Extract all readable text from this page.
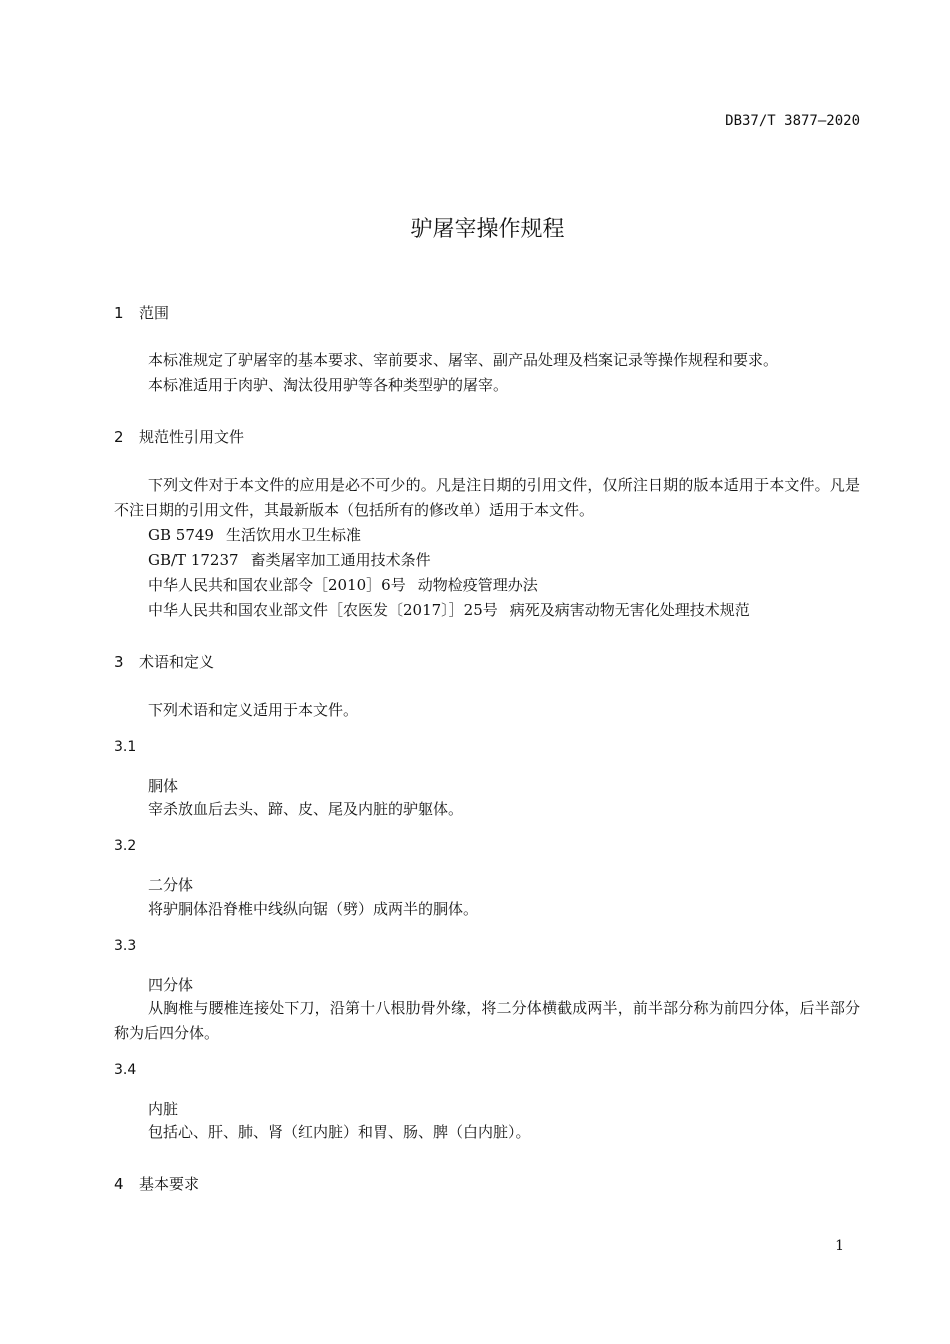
DB37/T 3877—2020
驴屠宰操作规程
1 范围
本标准规定了驴屠宰的基本要求、宰前要求、屠宰、副产品处理及档案记录等操作规程和要求。
本标准适用于肉驴、淘汰役用驴等各种类型驴的屠宰。
2 规范性引用文件
下列文件对于本文件的应用是必不可少的。凡是注日期的引用文件，仅所注日期的版本适用于本文件。凡是不注日期的引用文件，其最新版本（包括所有的修改单）适用于本文件。
GB 5749 生活饮用水卫生标准
GB/T 17237 畜类屠宰加工通用技术条件
中华人民共和国农业部令［2010］6号 动物检疫管理办法
中华人民共和国农业部文件［农医发〔2017〕］25号 病死及病害动物无害化处理技术规范
3 术语和定义
下列术语和定义适用于本文件。
3.1
胴体
宰杀放血后去头、蹄、皮、尾及内脏的驴躯体。
3.2
二分体
将驴胴体沿脊椎中线纵向锯（劈）成两半的胴体。
3.3
四分体
从胸椎与腰椎连接处下刀，沿第十八根肋骨外缘，将二分体横截成两半，前半部分称为前四分体，后半部分称为后四分体。
3.4
内脏
包括心、肝、肺、肾（红内脏）和胃、肠、脾（白内脏）。
4 基本要求
1
